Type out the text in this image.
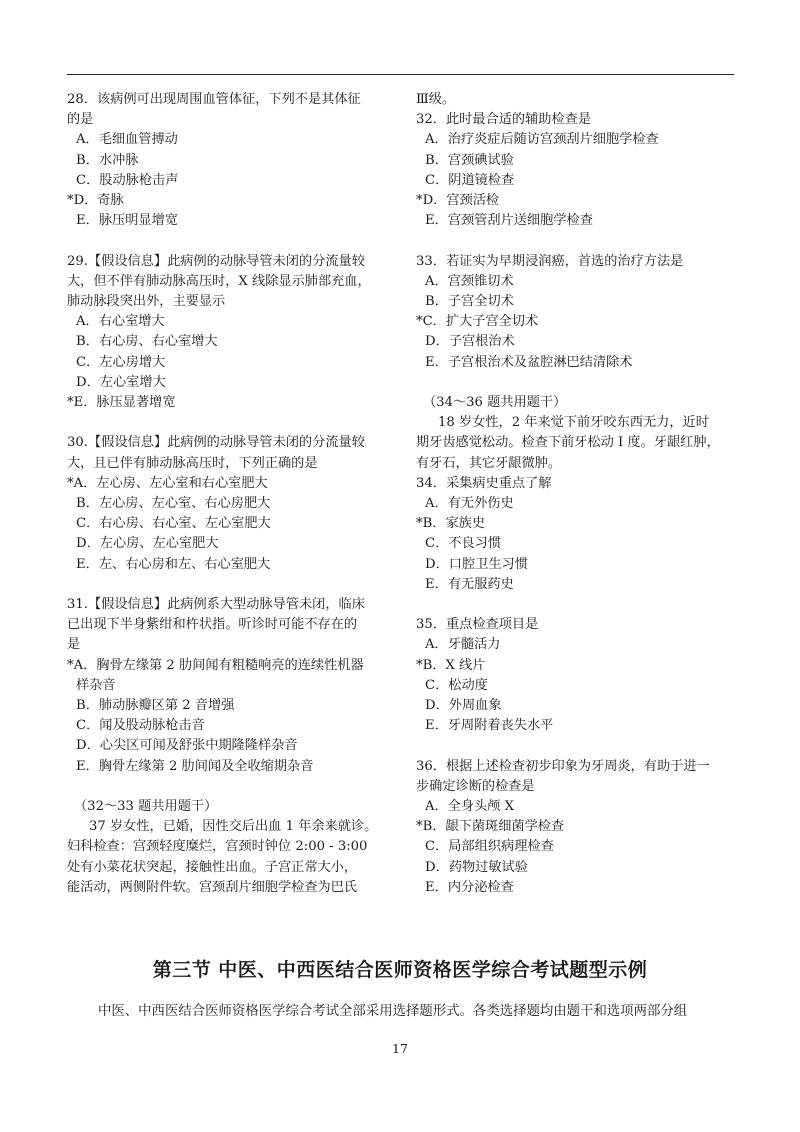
28．该病例可出现周围血管体征，下列不是其体征
的是
A．毛细血管搏动
B．水冲脉
C．股动脉枪击声
*D．奇脉
E．脉压明显增宽
29.【假设信息】此病例的动脉导管未闭的分流量较
大，但不伴有肺动脉高压时，X 线除显示肺部充血，
肺动脉段突出外，主要显示
A．右心室增大
B．右心房、右心室增大
C．左心房增大
D．左心室增大
*E．脉压显著增宽
30.【假设信息】此病例的动脉导管未闭的分流量较
大，且已伴有肺动脉高压时，下列正确的是
*A．左心房、左心室和右心室肥大
B．左心房、左心室、右心房肥大
C．右心房、右心室、左心室肥大
D．左心房、左心室肥大
E．左、右心房和左、右心室肥大
31.【假设信息】此病例系大型动脉导管未闭，临床
已出现下半身紫绀和杵状指。听诊时可能不存在的
是
*A．胸骨左缘第 2 肋间闻有粗糙响亮的连续性机器
样杂音
B．肺动脉瓣区第 2 音增强
C．闻及股动脉枪击音
D．心尖区可闻及舒张中期隆隆样杂音
E．胸骨左缘第 2 肋间闻及全收缩期杂音
（32～33 题共用题干）
37 岁女性，已婚，因性交后出血 1 年余来就诊。
妇科检查：宫颈轻度糜烂，宫颈时钟位 2:00 - 3:00
处有小菜花状突起，接触性出血。子宫正常大小，
能活动，两侧附件软。宫颈刮片细胞学检查为巴氏
Ⅲ级。
32．此时最合适的辅助检查是
A．治疗炎症后随访宫颈刮片细胞学检查
B．宫颈碘试验
C．阴道镜检查
*D．宫颈活检
E．宫颈管刮片送细胞学检查
33．若证实为早期浸润癌，首选的治疗方法是
A．宫颈锥切术
B．子宫全切术
*C．扩大子宫全切术
D．子宫根治术
E．子宫根治术及盆腔淋巴结清除术
（34～36 题共用题干）
18 岁女性，2 年来觉下前牙咬东西无力，近时
期牙齿感觉松动。检查下前牙松动 I 度。牙龈红肿，
有牙石，其它牙龈微肿。
34．采集病史重点了解
A．有无外伤史
*B．家族史
C．不良习惯
D．口腔卫生习惯
E．有无服药史
35．重点检查项目是
A．牙髓活力
*B．X 线片
C．松动度
D．外周血象
E．牙周附着丧失水平
36．根据上述检查初步印象为牙周炎，有助于进一
步确定诊断的检查是
A．全身头颅 X
*B．龈下菌斑细菌学检查
C．局部组织病理检查
D．药物过敏试验
E．内分泌检查
第三节 中医、中西医结合医师资格医学综合考试题型示例
中医、中西医结合医师资格医学综合考试全部采用选择题形式。各类选择题均由题干和选项两部分组
17
